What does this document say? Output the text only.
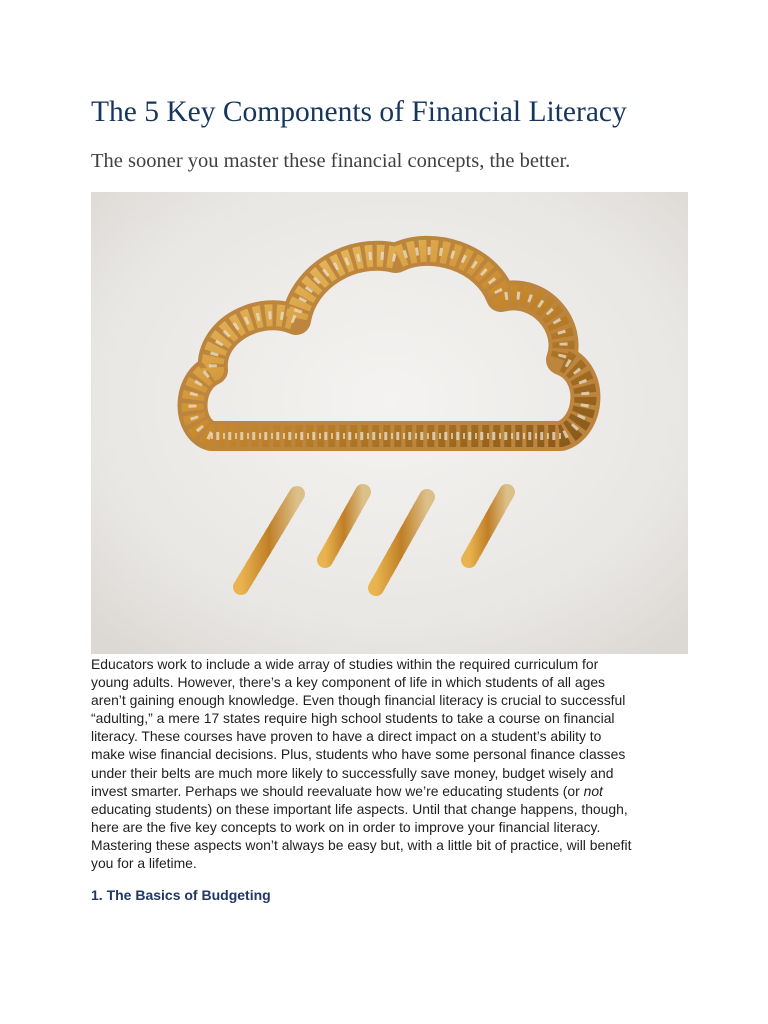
The 5 Key Components of Financial Literacy
The sooner you master these financial concepts, the better.

Educators work to include a wide array of studies within the required curriculum for
young adults. However, there’s a key component of life in which students of all ages
aren’t gaining enough knowledge. Even though financial literacy is crucial to successful
“adulting,” a mere 17 states require high school students to take a course on financial
literacy. These courses have proven to have a direct impact on a student’s ability to
make wise financial decisions. Plus, students who have some personal finance classes
under their belts are much more likely to successfully save money, budget wisely and
invest smarter. Perhaps we should reevaluate how we’re educating students (or not
educating students) on these important life aspects. Until that change happens, though,
here are the five key concepts to work on in order to improve your financial literacy.
Mastering these aspects won’t always be easy but, with a little bit of practice, will benefit
you for a lifetime.

1. The Basics of Budgeting
